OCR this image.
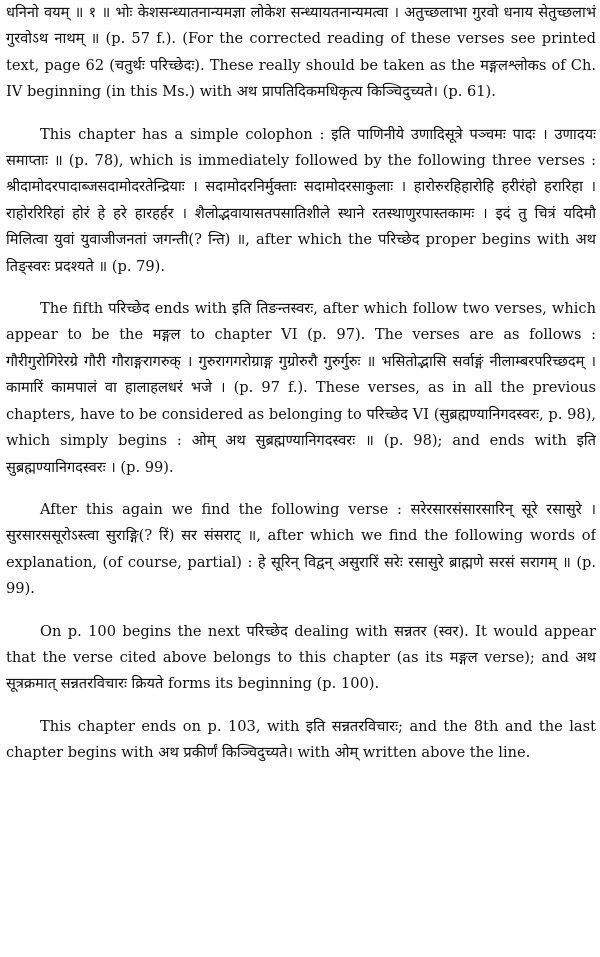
धनिनो वयम् ॥ १ ॥ भोः केशसन्ध्यातनान्यमज्ञा लोकेश सन्ध्यायतनान्यमत्वा । अतुच्छलाभा गुरवो धनाय सेतुच्छलाभं गुरवोऽथ नाथम् ॥ (p. 57 f.). (For the corrected reading of these verses see printed text, page 62 (चतुर्थः परिच्छेदः). These really should be taken as the मङ्गलश्लोकs of Ch. IV beginning (in this Ms.) with अथ प्रापतिदिकमधिकृत्य किञ्चिदुच्यते। (p. 61).

This chapter has a simple colophon : इति पाणिनीये उणादिसूत्रे पञ्चमः पादः । उणादयः समाप्ताः ॥ (p. 78), which is immediately followed by the following three verses : श्रीदामोदरपादाब्जसदामोदरतेन्द्रियाः । सदामोदरनिर्मुक्ताः सदामोदरसाकुलाः । हारोरुरहिहारोहि हरीरंहो हरारिहा । राहोररिरिहां होरं हे हरे हारहर्हर । शैलोद्भवायासतपसातिशीले स्थाने रतस्थाणुरपास्तकामः । इदं तु चित्रं यदिमौ मिलित्वा युवां युवाजीजनतां जगन्ती(? न्ति) ॥, after which the परिच्छेद proper begins with अथ तिङ्स्वरः प्रदश्यते ॥ (p. 79).

The fifth परिच्छेद ends with इति तिङन्तस्वरः, after which follow two verses, which appear to be the मङ्गल to chapter VI (p. 97). The verses are as follows : गौरीगुरोगिरेरग्रे गौरी गौराङ्गरागरुक् । गुरुरागगरोग्राङ्ग गुग्रोरुरौ गुरुर्गुरुः ॥ भसितोद्भासि सर्वाङ्गं नीलाम्बरपरिच्छदम् । कामारिं कामपालं वा हालाहलधरं भजे । (p. 97 f.). These verses, as in all the previous chapters, have to be considered as belonging to परिच्छेद VI (सुब्रह्मण्यानिगदस्वरः, p. 98), which simply begins : ओम् अथ सुब्रह्मण्यानिगदस्वरः ॥ (p. 98); and ends with इति सुब्रह्मण्यानिगदस्वरः । (p. 99).

After this again we find the following verse : सरेरसारसंसारसारिन् सूरे रसासुरे । सुरसारससूरोऽस्त्वा सुराङ्गि(? रिं) सर संसराट् ॥, after which we find the following words of explanation, (of course, partial) : हे सूरिन् विद्वन् असुरारिं सरेः रसासुरे ब्राह्मणे सरसं सरागम् ॥ (p. 99).

On p. 100 begins the next परिच्छेद dealing with सन्नतर (स्वर). It would appear that the verse cited above belongs to this chapter (as its मङ्गल verse); and अथ सूत्रक्रमात् सन्नतरविचारः क्रियते forms its beginning (p. 100).

This chapter ends on p. 103, with इति सन्नतरविचारः; and the 8th and the last chapter begins with अथ प्रकीर्णं किञ्चिदुच्यते। with ओम् written above the line.
